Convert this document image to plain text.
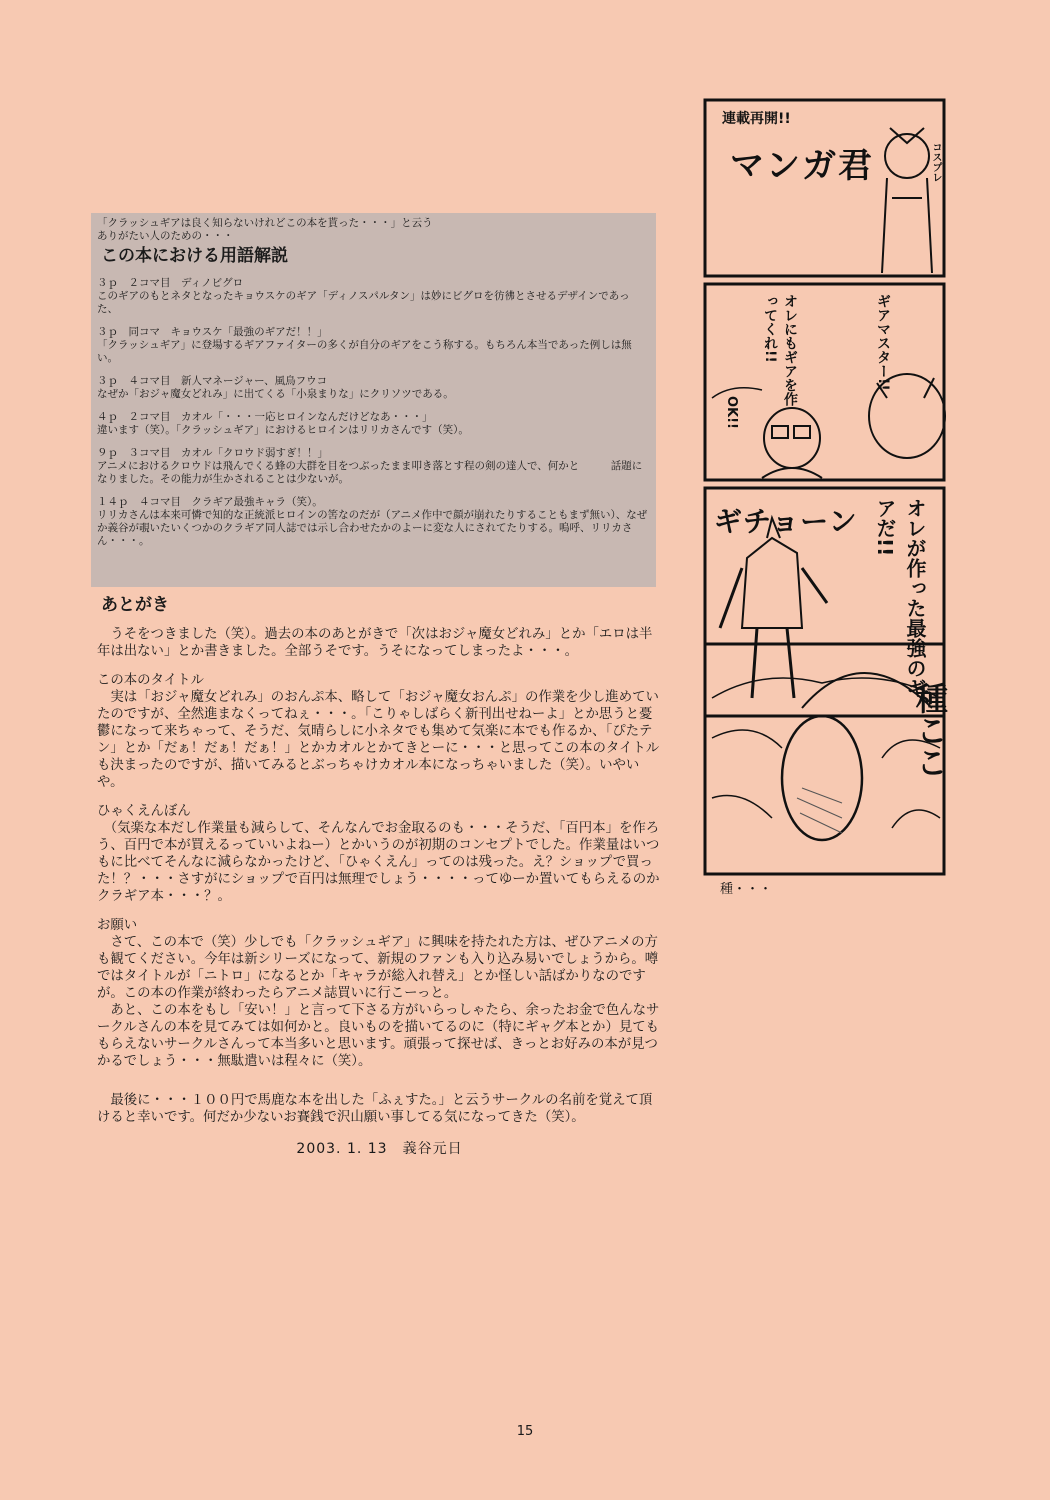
「クラッシュギアは良く知らないけれどこの本を貰った・・・」と云う

ありがたい人のための・・・

この本における用語解説

３ｐ　２コマ目　ディノビグロ

このギアのもとネタとなったキョウスケのギア「ディノスパルタン」は妙にビグロを彷彿とさせるデザインであった、

３ｐ　同コマ　キョウスケ「最強のギアだ！！」

「クラッシュギア」に登場するギアファイターの多くが自分のギアをこう称する。もちろん本当であった例しは無い。

３ｐ　４コマ目　新人マネージャー、風鳥フウコ

なぜか「おジャ魔女どれみ」に出てくる「小泉まりな」にクリソツである。

４ｐ　２コマ目　カオル「・・・一応ヒロインなんだけどなあ・・・」

違います（笑）。「クラッシュギア」におけるヒロインはリリカさんです（笑）。

９ｐ　３コマ目　カオル「クロウド弱すぎ！！」

アニメにおけるクロウドは飛んでくる蜂の大群を目をつぶったまま叩き落とす程の剣の達人で、何かと　　　話題になりました。その能力が生かされることは少ないが。

１４ｐ　４コマ目　クラギア最強キャラ（笑）。

リリカさんは本来可憐で知的な正統派ヒロインの筈なのだが（アニメ作中で顔が崩れたりすることもまず無い）、なぜか義谷が覗いたいくつかのクラギア同人誌では示し合わせたかのよーに変な人にされてたりする。嗚呼、リリカさん・・・。

あとがき

　うそをつきました（笑）。過去の本のあとがきで「次はおジャ魔女どれみ」とか「エロは半年は出ない」とか書きました。全部うそです。うそになってしまったよ・・・。

この本のタイトル

　実は「おジャ魔女どれみ」のおんぷ本、略して「おジャ魔女おんぷ」の作業を少し進めていたのですが、全然進まなくってねぇ・・・。「こりゃしばらく新刊出せねーよ」とか思うと憂鬱になって来ちゃって、そうだ、気晴らしに小ネタでも集めて気楽に本でも作るか、「ぴたテン」とか「だぁ！だぁ！だぁ！」とかカオルとかてきとーに・・・と思ってこの本のタイトルも決まったのですが、描いてみるとぶっちゃけカオル本になっちゃいました（笑）。いやいや。

ひゃくえんぼん

　（気楽な本だし作業量も減らして、そんなんでお金取るのも・・・そうだ、「百円本」を作ろう、百円で本が買えるっていいよねー）とかいうのが初期のコンセプトでした。作業量はいつもに比べてそんなに減らなかったけど、「ひゃくえん」ってのは残った。え？ショップで買った！？・・・さすがにショップで百円は無理でしょう・・・・ってゆーか置いてもらえるのかクラギア本・・・？。

お願い

　さて、この本で（笑）少しでも「クラッシュギア」に興味を持たれた方は、ぜひアニメの方も観てください。今年は新シリーズになって、新規のファンも入り込み易いでしょうから。噂ではタイトルが「ニトロ」になるとか「キャラが総入れ替え」とか怪しい話ばかりなのですが。この本の作業が終わったらアニメ誌買いに行こーっと。

　あと、この本をもし「安い！」と言って下さる方がいらっしゃたら、余ったお金で色んなサークルさんの本を見てみては如何かと。良いものを描いてるのに（特にギャグ本とか）見てももらえないサークルさんって本当多いと思います。頑張って探せば、きっとお好みの本が見つかるでしょう・・・無駄遣いは程々に（笑）。

　最後に・・・１００円で馬鹿な本を出した「ふぇすた。」と云うサークルの名前を覚えて頂けると幸いです。何だか少ないお賽銭で沢山願い事してる気になってきた（笑）。

2003. 1. 13　義谷元日
連載再開!!
マンガ君	コスプレ
オレにもギアを作ってくれ!!	ギアマスター!!
OK!!
ギチョーン	オレが作った最強のギアだ!!
種ここ
種・・・
15
